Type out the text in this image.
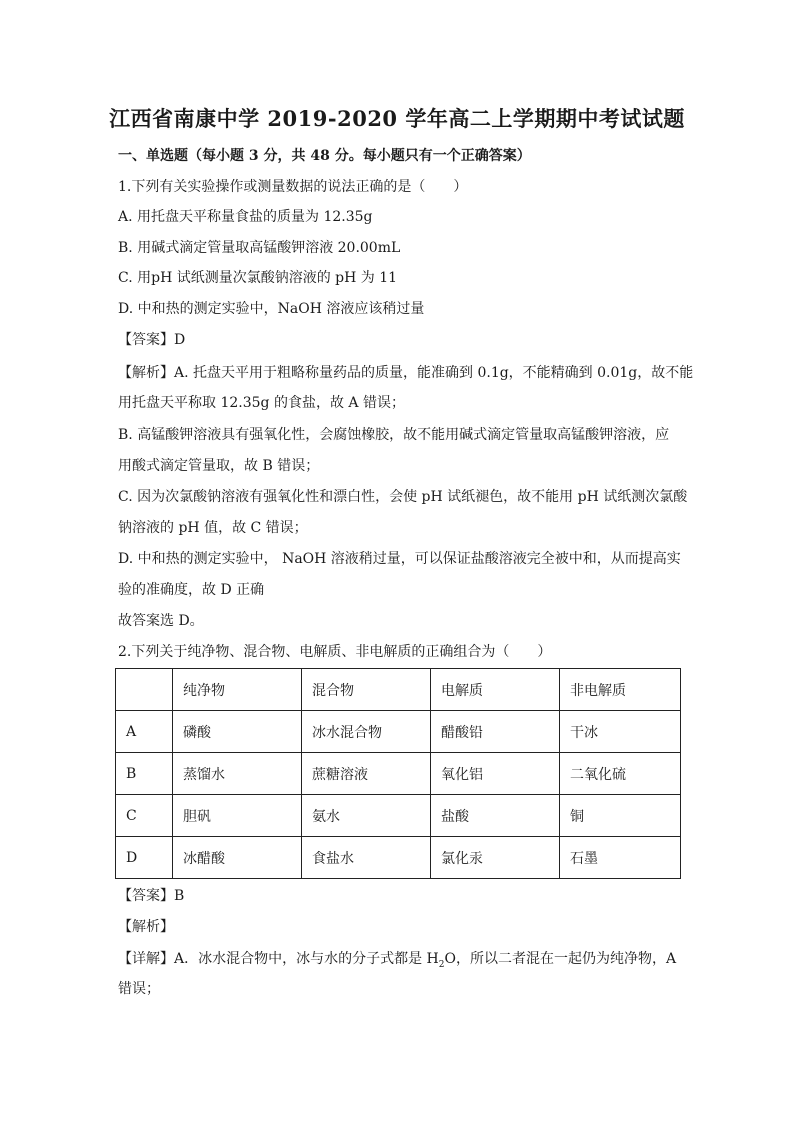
江西省南康中学 2019-2020 学年高二上学期期中考试试题
一、单选题（每小题 3 分，共 48 分。每小题只有一个正确答案）
1.下列有关实验操作或测量数据的说法正确的是（　　）
A. 用托盘天平称量食盐的质量为 12.35g
B. 用碱式滴定管量取高锰酸钾溶液 20.00mL
C. 用pH 试纸测量次氯酸钠溶液的 pH 为 11
D. 中和热的测定实验中，NaOH 溶液应该稍过量
【答案】D
【解析】A. 托盘天平用于粗略称量药品的质量，能准确到 0.1g，不能精确到 0.01g，故不能
用托盘天平称取 12.35g 的食盐，故 A 错误；
B. 高锰酸钾溶液具有强氧化性，会腐蚀橡胶，故不能用碱式滴定管量取高锰酸钾溶液，应
用酸式滴定管量取，故 B 错误；
C. 因为次氯酸钠溶液有强氧化性和漂白性，会使 pH 试纸褪色，故不能用 pH 试纸测次氯酸
钠溶液的 pH 值，故 C 错误；
D. 中和热的测定实验中， NaOH 溶液稍过量，可以保证盐酸溶液完全被中和，从而提高实
验的准确度，故 D 正确
故答案选 D。
2.下列关于纯净物、混合物、电解质、非电解质的正确组合为（　　）
	纯净物	混合物	电解质	非电解质
A	磷酸	冰水混合物	醋酸铅	干冰
B	蒸馏水	蔗糖溶液	氧化铝	二氧化硫
C	胆矾	氨水	盐酸	铜
D	冰醋酸	食盐水	氯化汞	石墨
【答案】B
【解析】
【详解】A．冰水混合物中，冰与水的分子式都是 $H_2O$，所以二者混在一起仍为纯净物，A
错误；
